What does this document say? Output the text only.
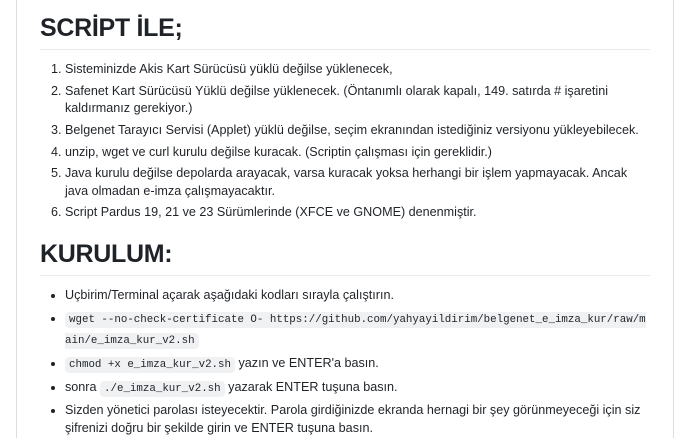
SCRİPT İLE;
1. Sisteminizde Akis Kart Sürücüsü yüklü değilse yüklenecek,
2. Safenet Kart Sürücüsü Yüklü değilse yüklenecek. (Öntanımlı olarak kapalı, 149. satırda # işaretini kaldırmanız gerekiyor.)
3. Belgenet Tarayıcı Servisi (Applet) yüklü değilse, seçim ekranından istediğiniz versiyonu yükleyebilecek.
4. unzip, wget ve curl kurulu değilse kuracak. (Scriptin çalışması için gereklidir.)
5. Java kurulu değilse depolarda arayacak, varsa kuracak yoksa herhangi bir işlem yapmayacak. Ancak java olmadan e-imza çalışmayacaktır.
6. Script Pardus 19, 21 ve 23 Sürümlerinde (XFCE ve GNOME) denenmiştir.
KURULUM:
• Uçbirim/Terminal açarak aşağıdaki kodları sırayla çalıştırın.
• wget --no-check-certificate O- https://github.com/yahyayildirim/belgenet_e_imza_kur/raw/main/e_imza_kur_v2.sh
• chmod +x e_imza_kur_v2.sh yazın ve ENTER'a basın.
• sonra ./e_imza_kur_v2.sh yazarak ENTER tuşuna basın.
• Sizden yönetici parolası isteyecektir. Parola girdiğinizde ekranda hernagi bir şey görünmeyeceği için siz şifrenizi doğru bir şekilde girin ve ENTER tuşuna basın.
